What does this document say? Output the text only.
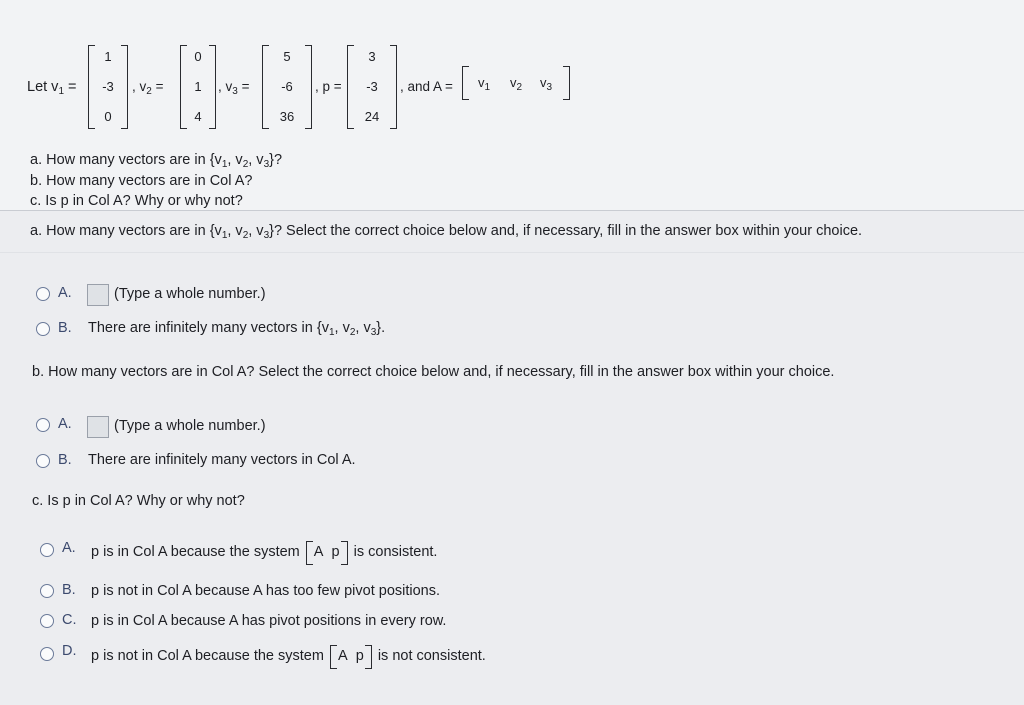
Let $v_1$ =
1
-3
0
, $v_2$ =
0
1
4
, $v_3$ =
5
-6
36
, p =
3
-3
24
, and $A = v_1$ $v_2$ $v_3$
a. How many vectors are in {$v_1$, $v_2$, $v_3$}?
b. How many vectors are in Col A?
c. Is p in Col A? Why or why not?
a. How many vectors are in {$v_1$, $v_2$, $v_3$}? Select the correct choice below and, if necessary, fill in the answer box within your choice.
A.	(Type a whole number.)
B. There are infinitely many vectors in {$v_1$, $v_2$, $v_3$}.
b. How many vectors are in Col A? Select the correct choice below and, if necessary, fill in the answer box within your choice.
A.	(Type a whole number.)
B. There are infinitely many vectors in Col A.
c. Is p in Col A? Why or why not?
A. p is in Col A because the system A p is consistent.
B. p is not in Col A because A has too few pivot positions.
C. p is in Col A because A has pivot positions in every row.
D. p is not in Col A because the system A p is not consistent.
